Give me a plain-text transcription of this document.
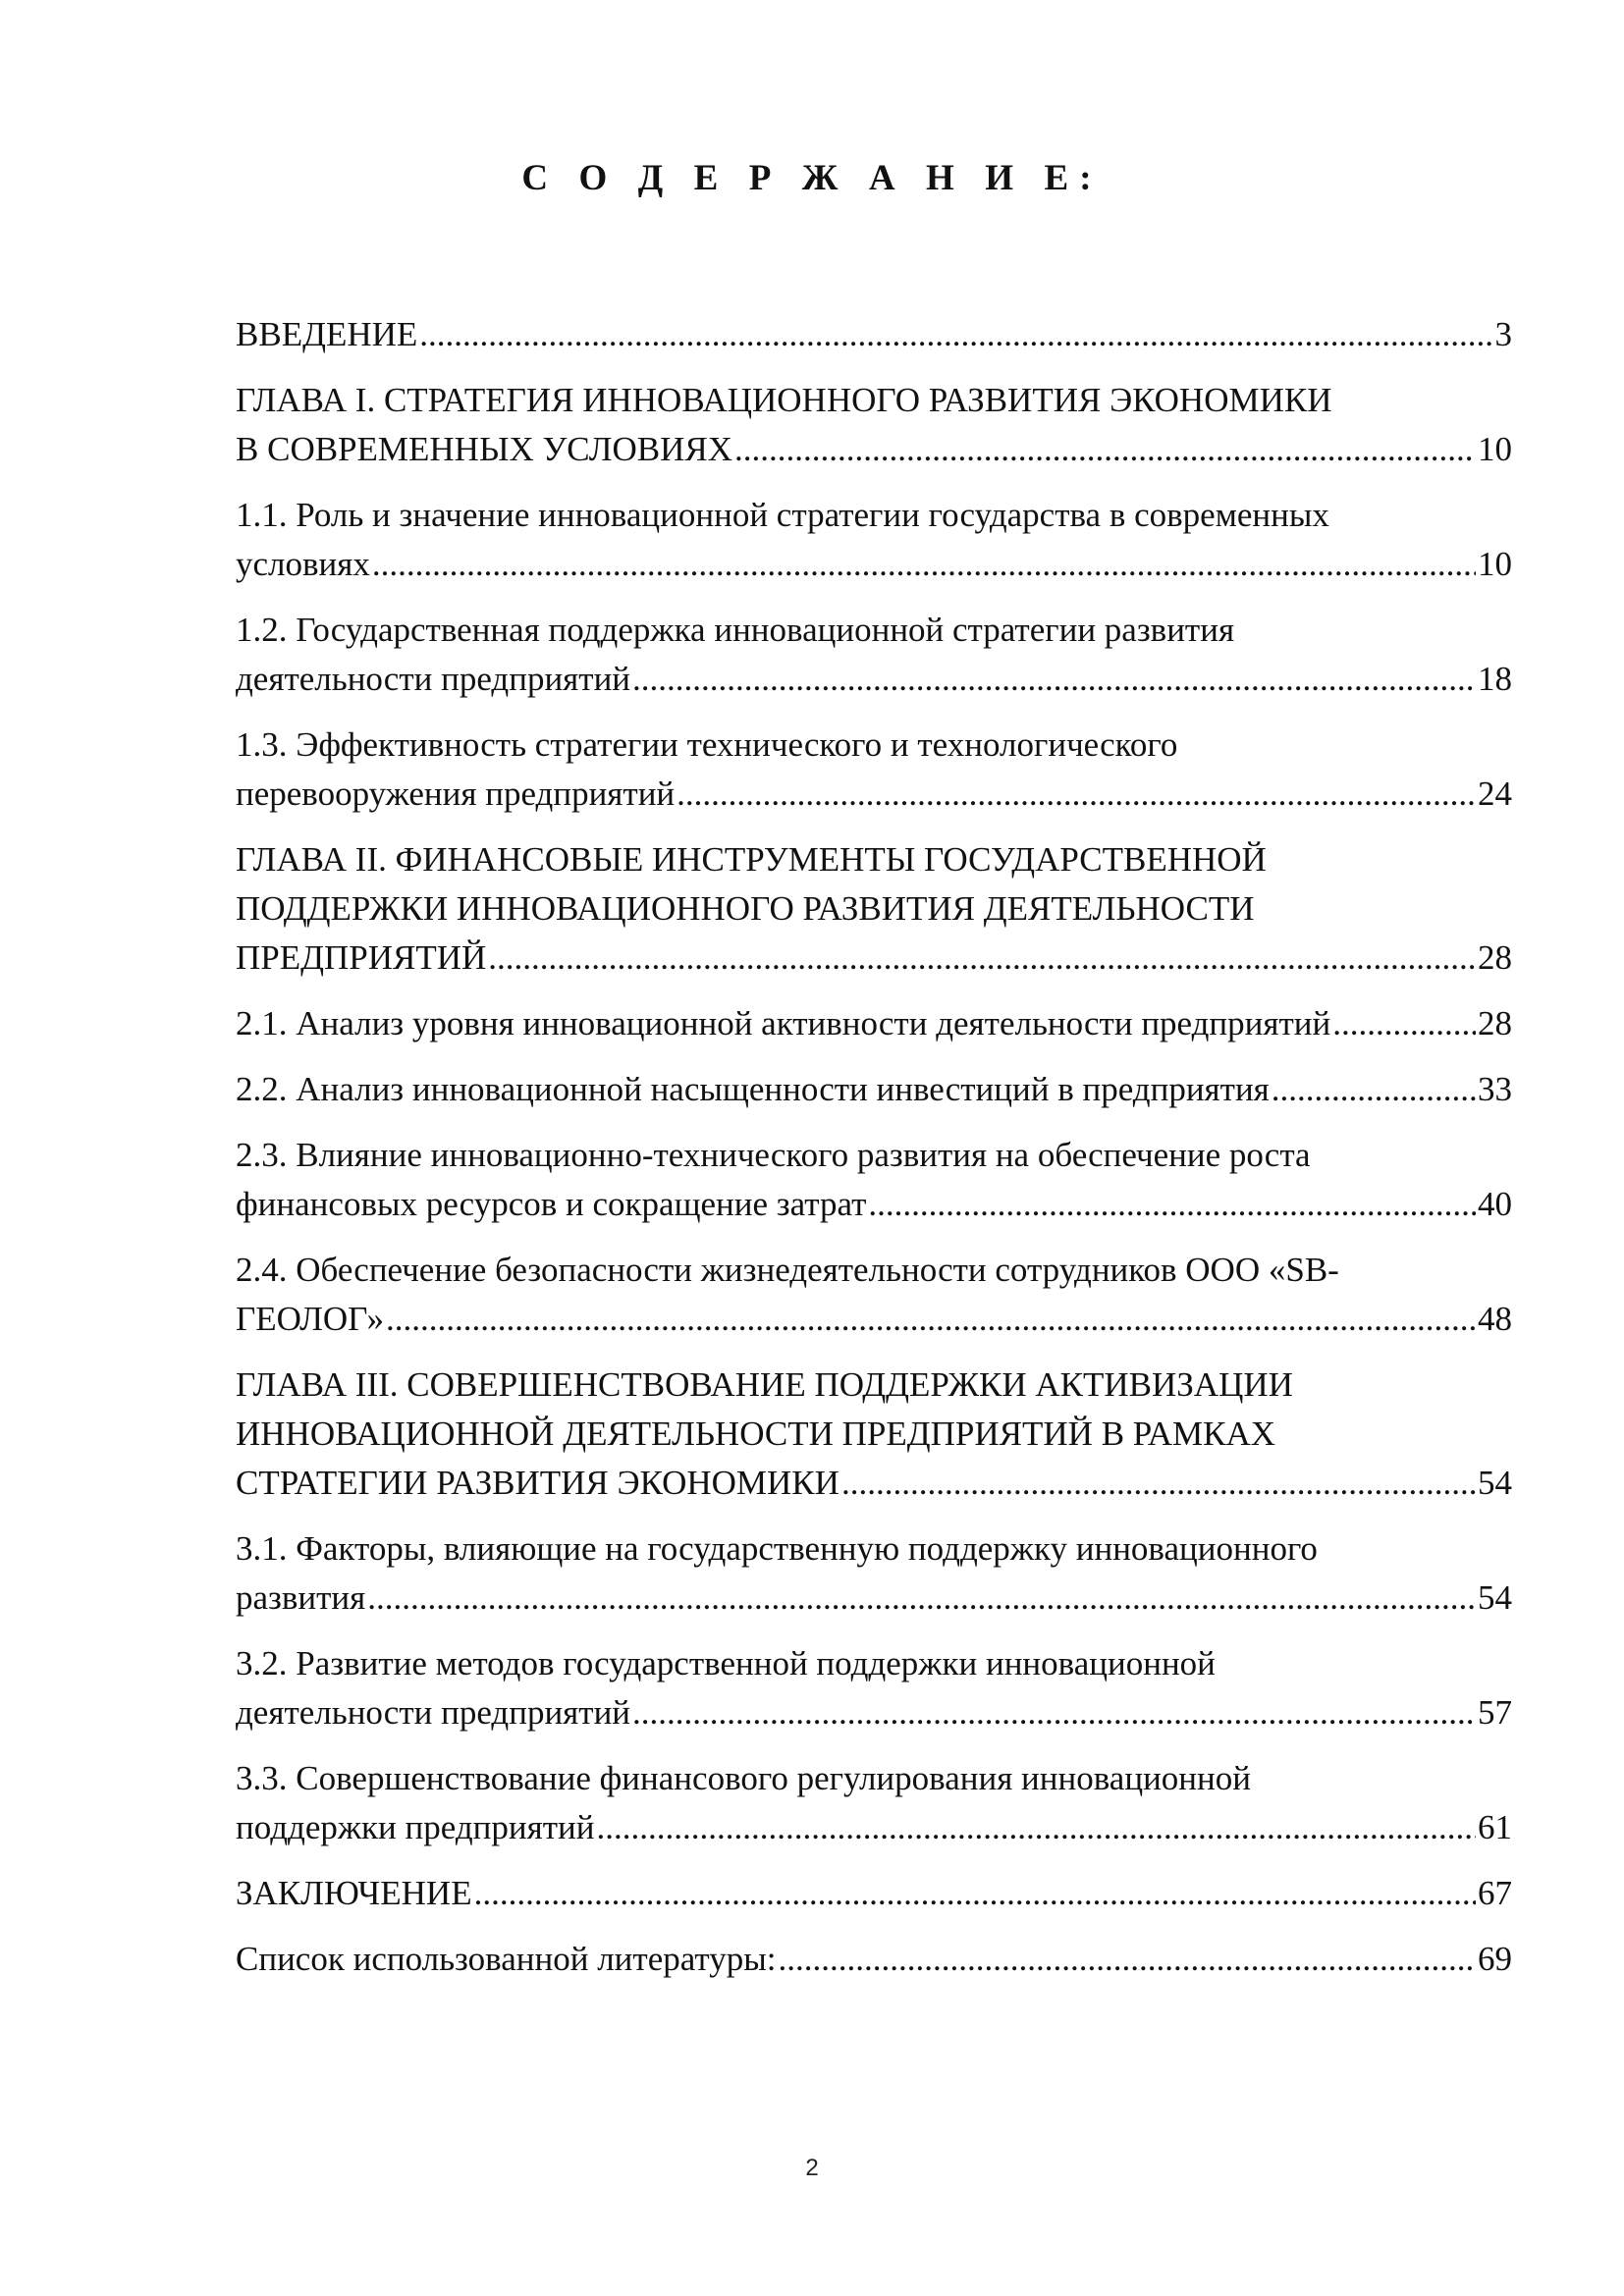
С О Д Е Р Ж А Н И Е:
ВВЕДЕНИЕ .....	3
ГЛАВА I. СТРАТЕГИЯ ИННОВАЦИОННОГО РАЗВИТИЯ ЭКОНОМИКИ
В СОВРЕМЕННЫХ УСЛОВИЯХ .....	10
1.1. Роль и значение инновационной стратегии государства в современных
условиях .....	10
1.2. Государственная поддержка инновационной стратегии развития
деятельности предприятий .....	18
1.3. Эффективность стратегии технического и технологического
перевооружения предприятий .....	24
ГЛАВА II. ФИНАНСОВЫЕ ИНСТРУМЕНТЫ ГОСУДАРСТВЕННОЙ
ПОДДЕРЖКИ ИННОВАЦИОННОГО РАЗВИТИЯ ДЕЯТЕЛЬНОСТИ
ПРЕДПРИЯТИЙ .....	28
2.1. Анализ уровня инновационной активности деятельности предприятий .....	28
2.2. Анализ инновационной насыщенности инвестиций в предприятия .....	33
2.3. Влияние инновационно-технического развития на обеспечение роста
финансовых ресурсов и сокращение затрат .....	40
2.4. Обеспечение безопасности жизнедеятельности сотрудников ООО «SB-
ГЕОЛОГ» .....	48
ГЛАВА III. СОВЕРШЕНСТВОВАНИЕ ПОДДЕРЖКИ АКТИВИЗАЦИИ
ИННОВАЦИОННОЙ ДЕЯТЕЛЬНОСТИ ПРЕДПРИЯТИЙ В РАМКАХ
СТРАТЕГИИ РАЗВИТИЯ ЭКОНОМИКИ .....	54
3.1. Факторы, влияющие на государственную поддержку инновационного
развития .....	54
3.2. Развитие методов государственной поддержки инновационной
деятельности предприятий .....	57
3.3. Совершенствование финансового регулирования инновационной
поддержки предприятий .....	61
ЗАКЛЮЧЕНИЕ .....	67
Список использованной литературы: .....	69
2
